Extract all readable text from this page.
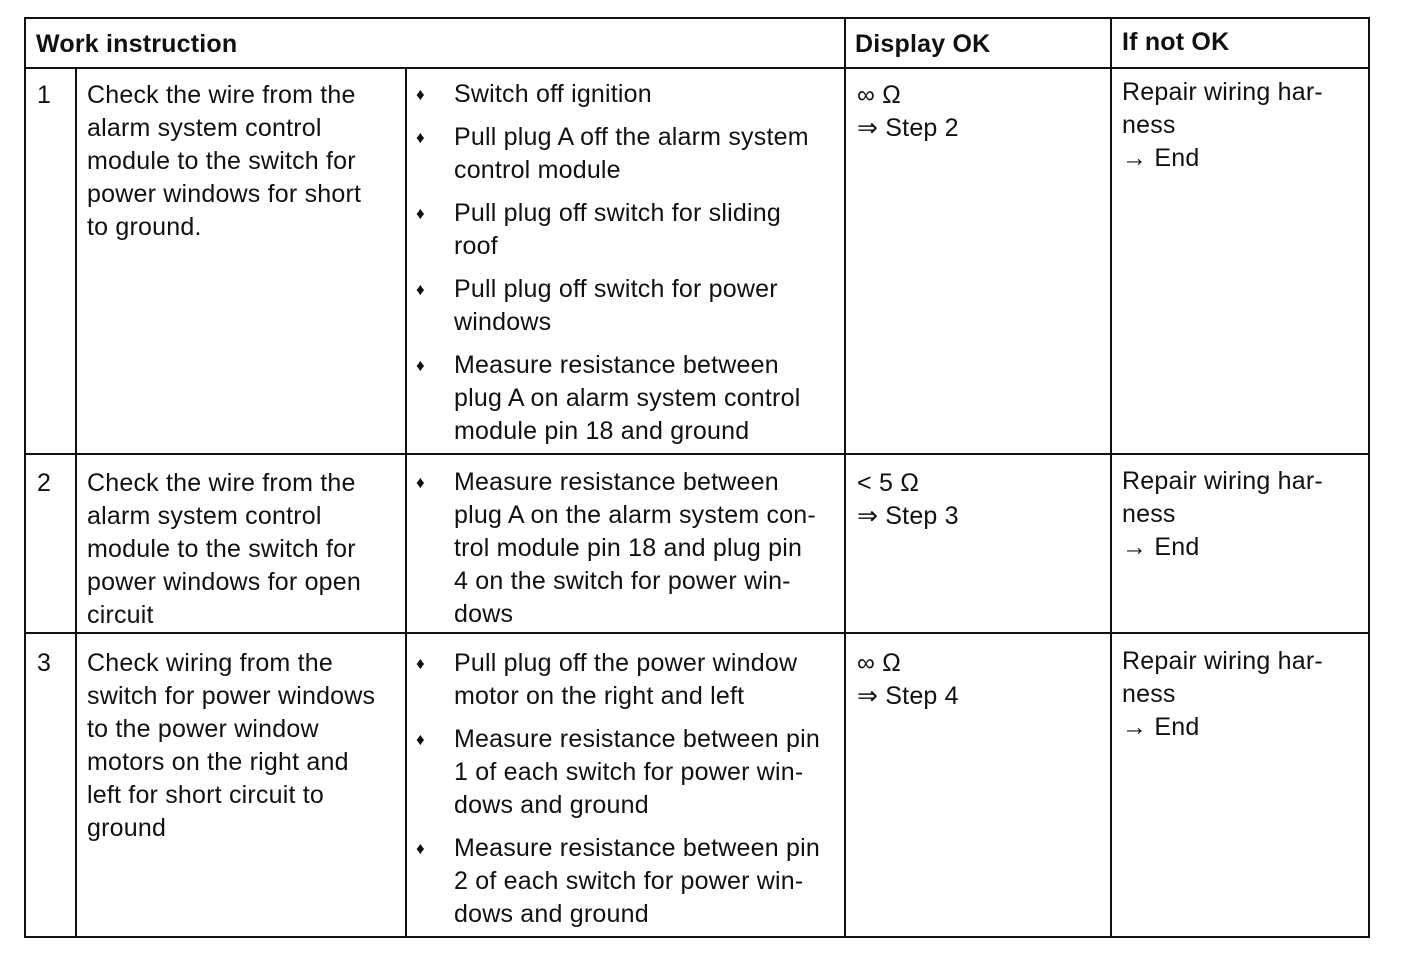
Work instruction	Display OK	If not OK
1 Check the wire from the
alarm system control
module to the switch for
power windows for short
to ground.
♦ Switch off ignition
♦ Pull plug A off the alarm system
control module
♦ Pull plug off switch for sliding
roof
♦ Pull plug off switch for power
windows
♦ Measure resistance between
plug A on alarm system control
module pin 18 and ground
∞ Ω
⇒ Step 2
Repair wiring har-
ness
→ End
2 Check the wire from the
alarm system control
module to the switch for
power windows for open
circuit
♦ Measure resistance between
plug A on the alarm system con-
trol module pin 18 and plug pin
4 on the switch for power win-
dows
< 5 Ω
⇒ Step 3
Repair wiring har-
ness
→ End
3 Check wiring from the
switch for power windows
to the power window
motors on the right and
left for short circuit to
ground
♦ Pull plug off the power window
motor on the right and left
♦ Measure resistance between pin
1 of each switch for power win-
dows and ground
♦ Measure resistance between pin
2 of each switch for power win-
dows and ground
∞ Ω
⇒ Step 4
Repair wiring har-
ness
→ End
